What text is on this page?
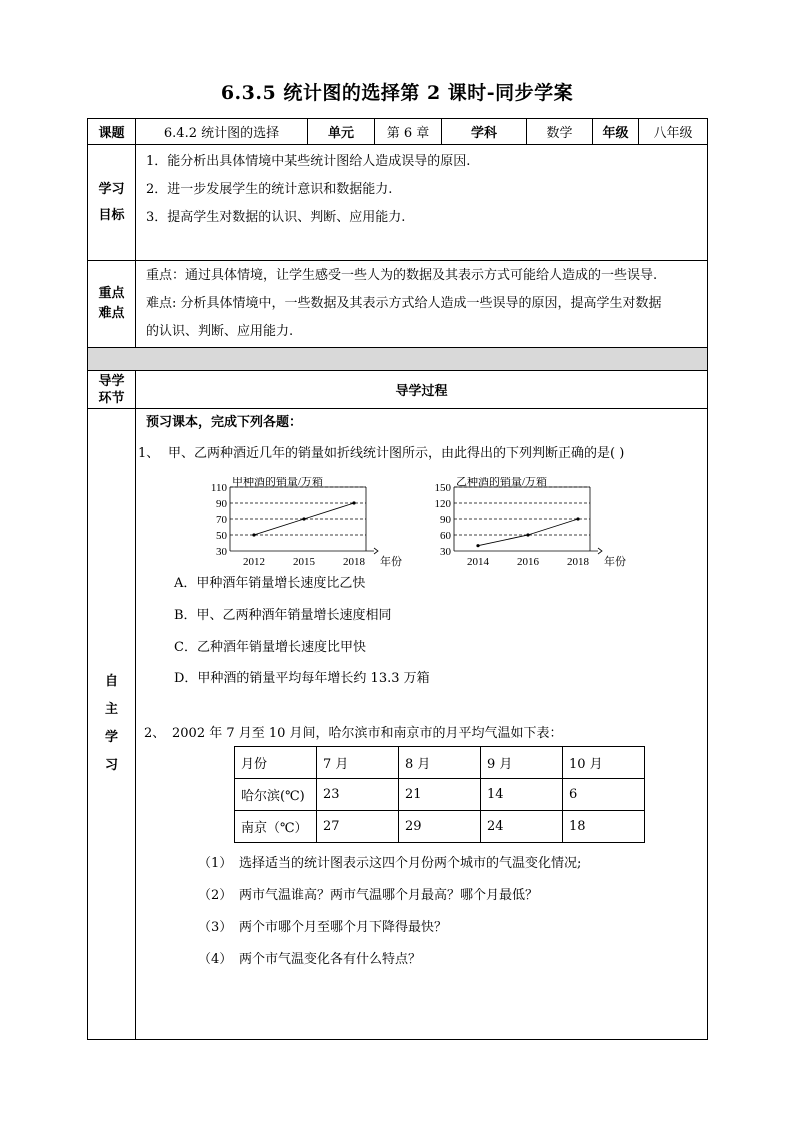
6.3.5 统计图的选择第 2 课时-同步学案
课题	6.4.2 统计图的选择	单元	第 6 章	学科	数学	年级	八年级

学习
目标

1．能分析出具体情境中某些统计图给人造成误导的原因.
2．进一步发展学生的统计意识和数据能力.
3．提高学生对数据的认识、判断、应用能力.

重点
难点

重点：通过具体情境，让学生感受一些人为的数据及其表示方式可能给人造成的一些误导.
难点: 分析具体情境中，一些数据及其表示方式给人造成一些误导的原因，提高学生对数据
的认识、判断、应用能力.

导学
环节	导学过程

自
主
学
习

预习课本，完成下列各题：
1、 甲、乙两种酒近几年的销量如折线统计图所示，由此得出的下列判断正确的是( )
甲种酒的销量/万箱
30
50
70
90
110
年份
2012	2015	2018
乙种酒的销量/万箱
30
60
90
120
150
年份
2014	2016	2018
A．甲种酒年销量增长速度比乙快
B．甲、乙两种酒年销量增长速度相同
C．乙种酒年销量增长速度比甲快
D．甲种酒的销量平均每年增长约 13.3 万箱
2、 2002 年 7 月至 10 月间，哈尔滨市和南京市的月平均气温如下表：
月份	7 月	8 月	9 月	10 月
哈尔滨(℃)	23	21	14	6
南京（℃）	27	29	24	18
（1） 选择适当的统计图表示这四个月份两个城市的气温变化情况;
（2） 两市气温谁高？两市气温哪个月最高？哪个月最低？
（3） 两个市哪个月至哪个月下降得最快？
（4） 两个市气温变化各有什么特点？
